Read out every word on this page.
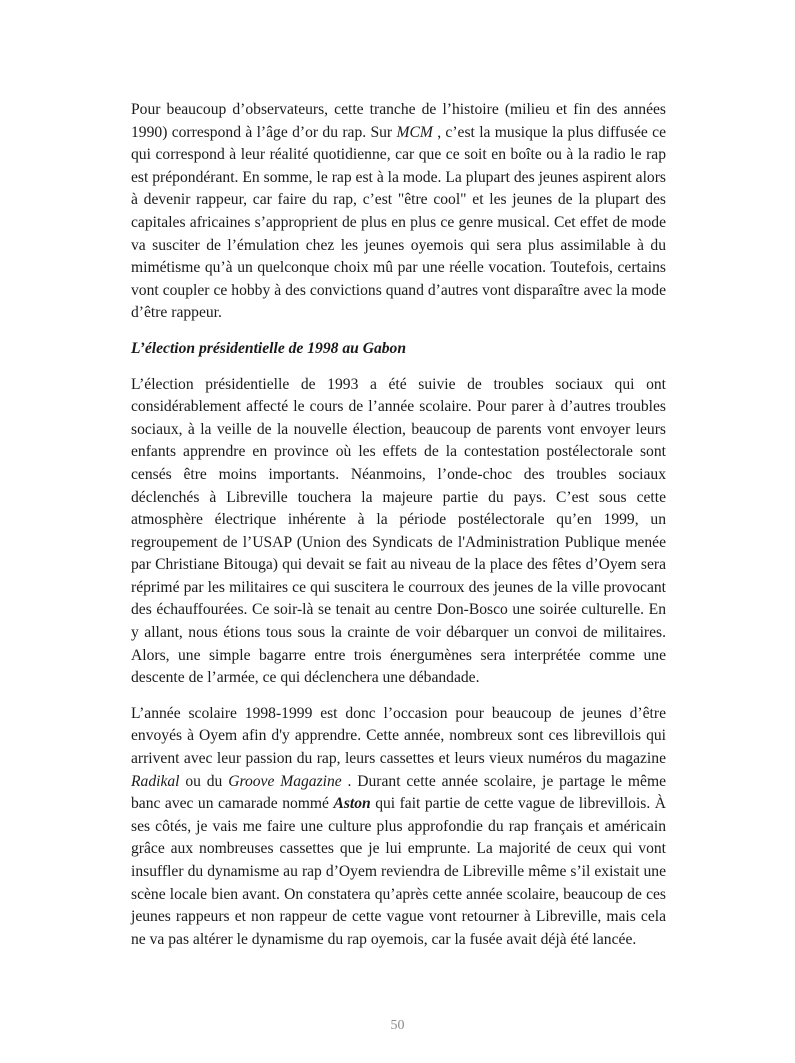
Pour beaucoup d’observateurs, cette tranche de l’histoire (milieu et fin des années 1990) correspond à l’âge d’or du rap. Sur MCM , c’est la musique la plus diffusée ce qui correspond à leur réalité quotidienne, car que ce soit en boîte ou à la radio le rap est prépondérant. En somme, le rap est à la mode. La plupart des jeunes aspirent alors à devenir rappeur, car faire du rap, c’est "être cool" et les jeunes de la plupart des capitales africaines s’approprient de plus en plus ce genre musical. Cet effet de mode va susciter de l’émulation chez les jeunes oyemois qui sera plus assimilable à du mimétisme qu’à un quelconque choix mû par une réelle vocation. Toutefois, certains vont coupler ce hobby à des convictions quand d’autres vont disparaître avec la mode d’être rappeur.

L’élection présidentielle de 1998 au Gabon

L’élection présidentielle de 1993 a été suivie de troubles sociaux qui ont considérablement affecté le cours de l’année scolaire. Pour parer à d’autres troubles sociaux, à la veille de la nouvelle élection, beaucoup de parents vont envoyer leurs enfants apprendre en province où les effets de la contestation postélectorale sont censés être moins importants. Néanmoins, l’onde-choc des troubles sociaux déclenchés à Libreville touchera la majeure partie du pays. C’est sous cette atmosphère électrique inhérente à la période postélectorale qu’en 1999, un regroupement de l’USAP (Union des Syndicats de l'Administration Publique menée par Christiane Bitouga) qui devait se fait au niveau de la place des fêtes d’Oyem sera réprimé par les militaires ce qui suscitera le courroux des jeunes de la ville provocant des échauffourées. Ce soir-là se tenait au centre Don-Bosco une soirée culturelle. En y allant, nous étions tous sous la crainte de voir débarquer un convoi de militaires. Alors, une simple bagarre entre trois énergumènes sera interprétée comme une descente de l’armée, ce qui déclenchera une débandade.

L’année scolaire 1998-1999 est donc l’occasion pour beaucoup de jeunes d’être envoyés à Oyem afin d'y apprendre. Cette année, nombreux sont ces librevillois qui arrivent avec leur passion du rap, leurs cassettes et leurs vieux numéros du magazine Radikal ou du Groove Magazine . Durant cette année scolaire, je partage le même banc avec un camarade nommé Aston qui fait partie de cette vague de librevillois. À ses côtés, je vais me faire une culture plus approfondie du rap français et américain grâce aux nombreuses cassettes que je lui emprunte. La majorité de ceux qui vont insuffler du dynamisme au rap d’Oyem reviendra de Libreville même s’il existait une scène locale bien avant. On constatera qu’après cette année scolaire, beaucoup de ces jeunes rappeurs et non rappeur de cette vague vont retourner à Libreville, mais cela ne va pas altérer le dynamisme du rap oyemois, car la fusée avait déjà été lancée.

50
